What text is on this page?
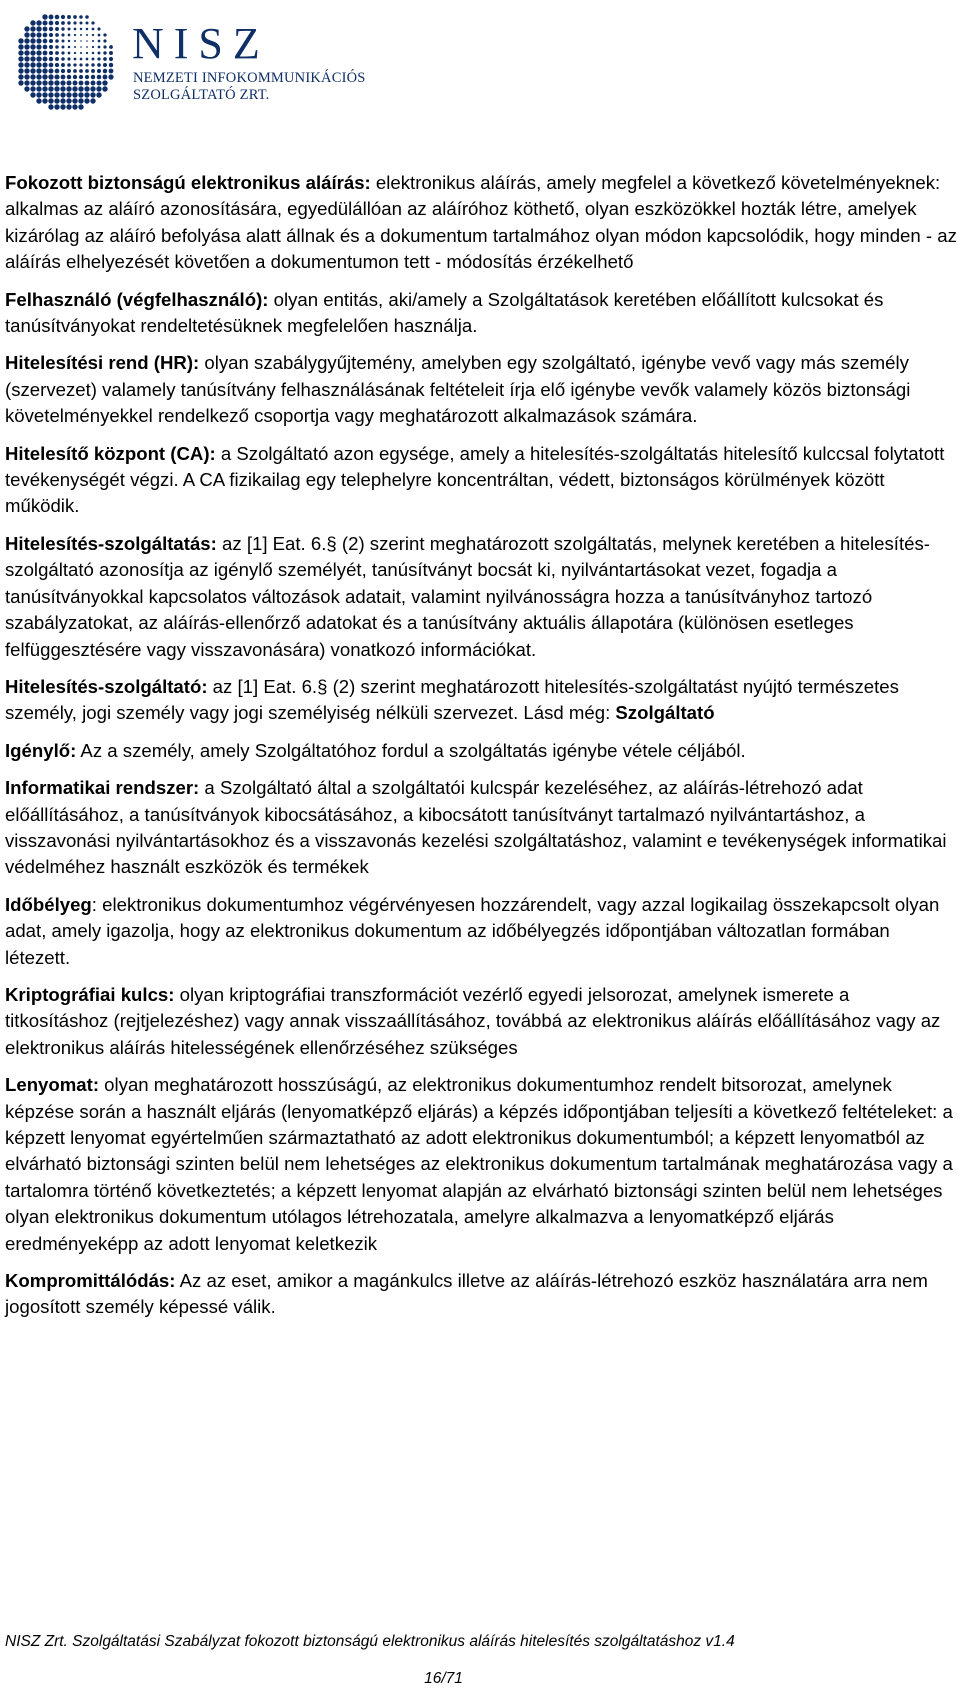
NISZ
NEMZETI INFOKOMMUNIKÁCIÓS
SZOLGÁLTATÓ ZRT.

Fokozott biztonságú elektronikus aláírás: elektronikus aláírás, amely megfelel a következő követelményeknek: alkalmas az aláíró azonosítására, egyedülállóan az aláíróhoz köthető, olyan eszközökkel hozták létre, amelyek kizárólag az aláíró befolyása alatt állnak és a dokumentum tartalmához olyan módon kapcsolódik, hogy minden - az aláírás elhelyezését követően a dokumentumon tett - módosítás érzékelhető

Felhasználó (végfelhasználó): olyan entitás, aki/amely a Szolgáltatások keretében előállított kulcsokat és tanúsítványokat rendeltetésüknek megfelelően használja.

Hitelesítési rend (HR): olyan szabálygyűjtemény, amelyben egy szolgáltató, igénybe vevő vagy más személy (szervezet) valamely tanúsítvány felhasználásának feltételeit írja elő igénybe vevők valamely közös biztonsági követelményekkel rendelkező csoportja vagy meghatározott alkalmazások számára.

Hitelesítő központ (CA): a Szolgáltató azon egysége, amely a hitelesítés-szolgáltatás hitelesítő kulccsal folytatott tevékenységét végzi. A CA fizikailag egy telephelyre koncentráltan, védett, biztonságos körülmények között működik.

Hitelesítés-szolgáltatás: az [1] Eat. 6.§ (2) szerint meghatározott szolgáltatás, melynek keretében a hitelesítés-szolgáltató azonosítja az igénylő személyét, tanúsítványt bocsát ki, nyilvántartásokat vezet, fogadja a tanúsítványokkal kapcsolatos változások adatait, valamint nyilvánosságra hozza a tanúsítványhoz tartozó szabályzatokat, az aláírás-ellenőrző adatokat és a tanúsítvány aktuális állapotára (különösen esetleges felfüggesztésére vagy visszavonására) vonatkozó információkat.

Hitelesítés-szolgáltató: az [1] Eat. 6.§ (2) szerint meghatározott hitelesítés-szolgáltatást nyújtó természetes személy, jogi személy vagy jogi személyiség nélküli szervezet. Lásd még: Szolgáltató

Igénylő: Az a személy, amely Szolgáltatóhoz fordul a szolgáltatás igénybe vétele céljából.

Informatikai rendszer: a Szolgáltató által a szolgáltatói kulcspár kezeléséhez, az aláírás-létrehozó adat előállításához, a tanúsítványok kibocsátásához, a kibocsátott tanúsítványt tartalmazó nyilvántartáshoz, a visszavonási nyilvántartásokhoz és a visszavonás kezelési szolgáltatáshoz, valamint e tevékenységek informatikai védelméhez használt eszközök és termékek

Időbélyeg: elektronikus dokumentumhoz végérvényesen hozzárendelt, vagy azzal logikailag összekapcsolt olyan adat, amely igazolja, hogy az elektronikus dokumentum az időbélyegzés időpontjában változatlan formában létezett.

Kriptográfiai kulcs: olyan kriptográfiai transzformációt vezérlő egyedi jelsorozat, amelynek ismerete a titkosításhoz (rejtjelezéshez) vagy annak visszaállításához, továbbá az elektronikus aláírás előállításához vagy az elektronikus aláírás hitelességének ellenőrzéséhez szükséges

Lenyomat: olyan meghatározott hosszúságú, az elektronikus dokumentumhoz rendelt bitsorozat, amelynek képzése során a használt eljárás (lenyomatképző eljárás) a képzés időpontjában teljesíti a következő feltételeket: a képzett lenyomat egyértelműen származtatható az adott elektronikus dokumentumból; a képzett lenyomatból az elvárható biztonsági szinten belül nem lehetséges az elektronikus dokumentum tartalmának meghatározása vagy a tartalomra történő következtetés; a képzett lenyomat alapján az elvárható biztonsági szinten belül nem lehetséges olyan elektronikus dokumentum utólagos létrehozatala, amelyre alkalmazva a lenyomatképző eljárás eredményeképp az adott lenyomat keletkezik

Kompromittálódás: Az az eset, amikor a magánkulcs illetve az aláírás-létrehozó eszköz használatára arra nem jogosított személy képessé válik.

NISZ Zrt. Szolgáltatási Szabályzat fokozott biztonságú elektronikus aláírás hitelesítés szolgáltatáshoz v1.4
16/71
